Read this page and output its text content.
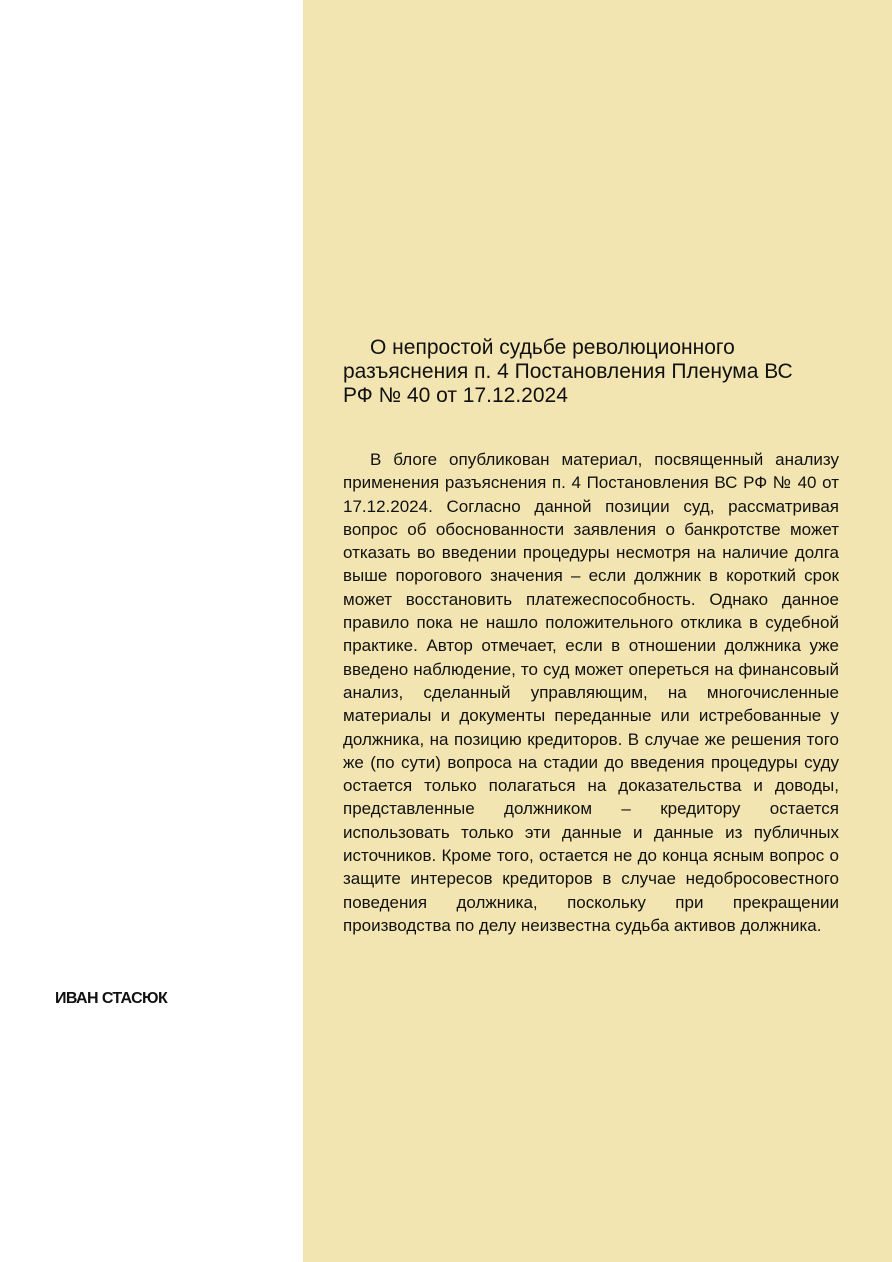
ИВАН СТАСЮК
О непростой судьбе революционного разъяснения п. 4 Постановления Пленума ВС РФ № 40 от 17.12.2024

В блоге опубликован материал, посвященный анализу применения разъяснения п. 4 Постановления ВС РФ № 40 от 17.12.2024. Согласно данной позиции суд, рассматривая вопрос об обоснованности заявления о банкротстве может отказать во введении процедуры несмотря на наличие долга выше порогового значения – если должник в короткий срок может восстановить платежеспособность. Однако данное правило пока не нашло положительного отклика в судебной практике. Автор отмечает, если в отношении должника уже введено наблюдение, то суд может опереться на финансовый анализ, сделанный управляющим, на многочисленные материалы и документы переданные или истребованные у должника, на позицию кредиторов. В случае же решения того же (по сути) вопроса на стадии до введения процедуры суду остается только полагаться на доказательства и доводы, представленные должником – кредитору остается использовать только эти данные и данные из публичных источников. Кроме того, остается не до конца ясным вопрос о защите интересов кредиторов в случае недобросовестного поведения должника, поскольку при прекращении производства по делу неизвестна судьба активов должника.
